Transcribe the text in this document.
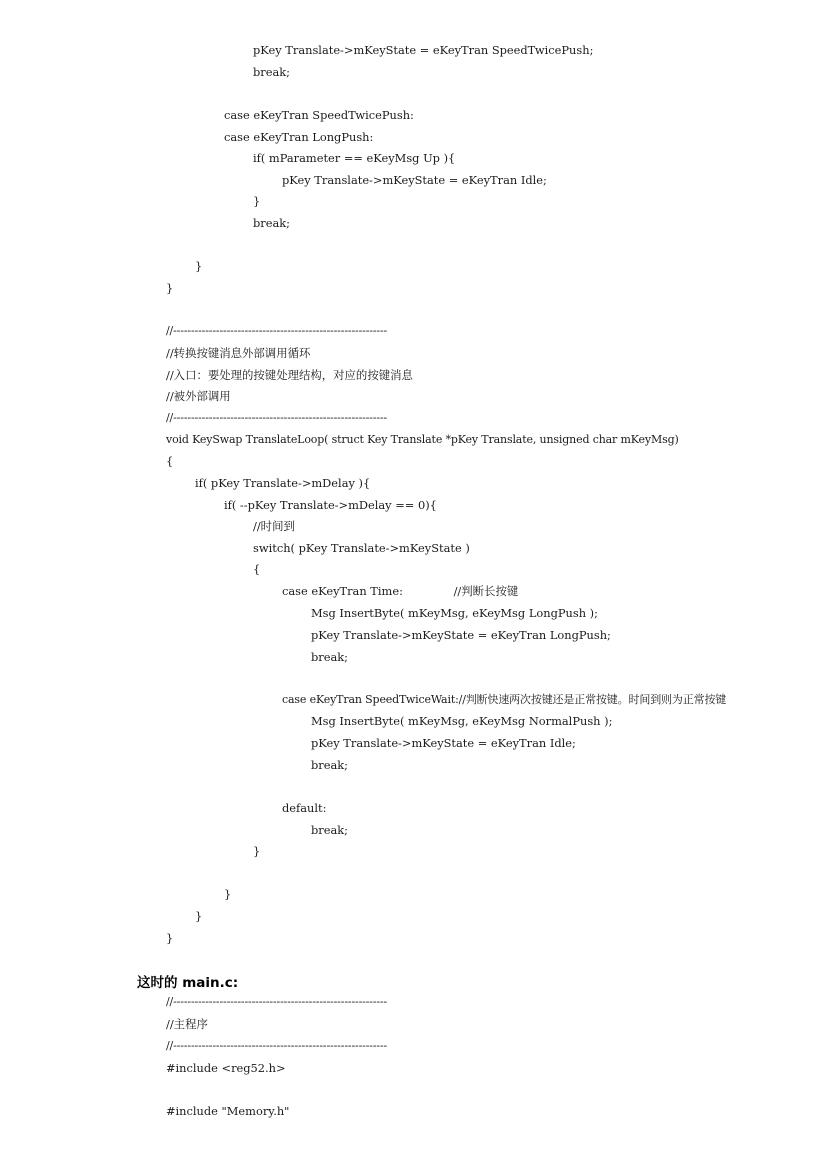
pKey Translate->mKeyState = eKeyTran SpeedTwicePush;
break;
case eKeyTran SpeedTwicePush:
case eKeyTran LongPush:
if( mParameter == eKeyMsg Up ){
pKey Translate->mKeyState = eKeyTran Idle;
}
break;
}
}
//------------------------------------------------------------
//转换按键消息外部调用循环
//入口：要处理的按键处理结构，对应的按键消息
//被外部调用
//------------------------------------------------------------
void KeySwap TranslateLoop( struct Key Translate *pKey Translate, unsigned char mKeyMsg)
{
if( pKey Translate->mDelay ){
if( --pKey Translate->mDelay == 0){
//时间到
switch( pKey Translate->mKeyState )
{
case eKeyTran Time:              //判断长按键
Msg InsertByte( mKeyMsg, eKeyMsg LongPush );
pKey Translate->mKeyState = eKeyTran LongPush;
break;
case eKeyTran SpeedTwiceWait://判断快速两次按键还是正常按键。时间到则为正常按键
Msg InsertByte( mKeyMsg, eKeyMsg NormalPush );
pKey Translate->mKeyState = eKeyTran Idle;
break;
default:
break;
}
}
}
}
这时的 main.c:
//------------------------------------------------------------
//主程序
//------------------------------------------------------------
#include <reg52.h>
#include "Memory.h"
